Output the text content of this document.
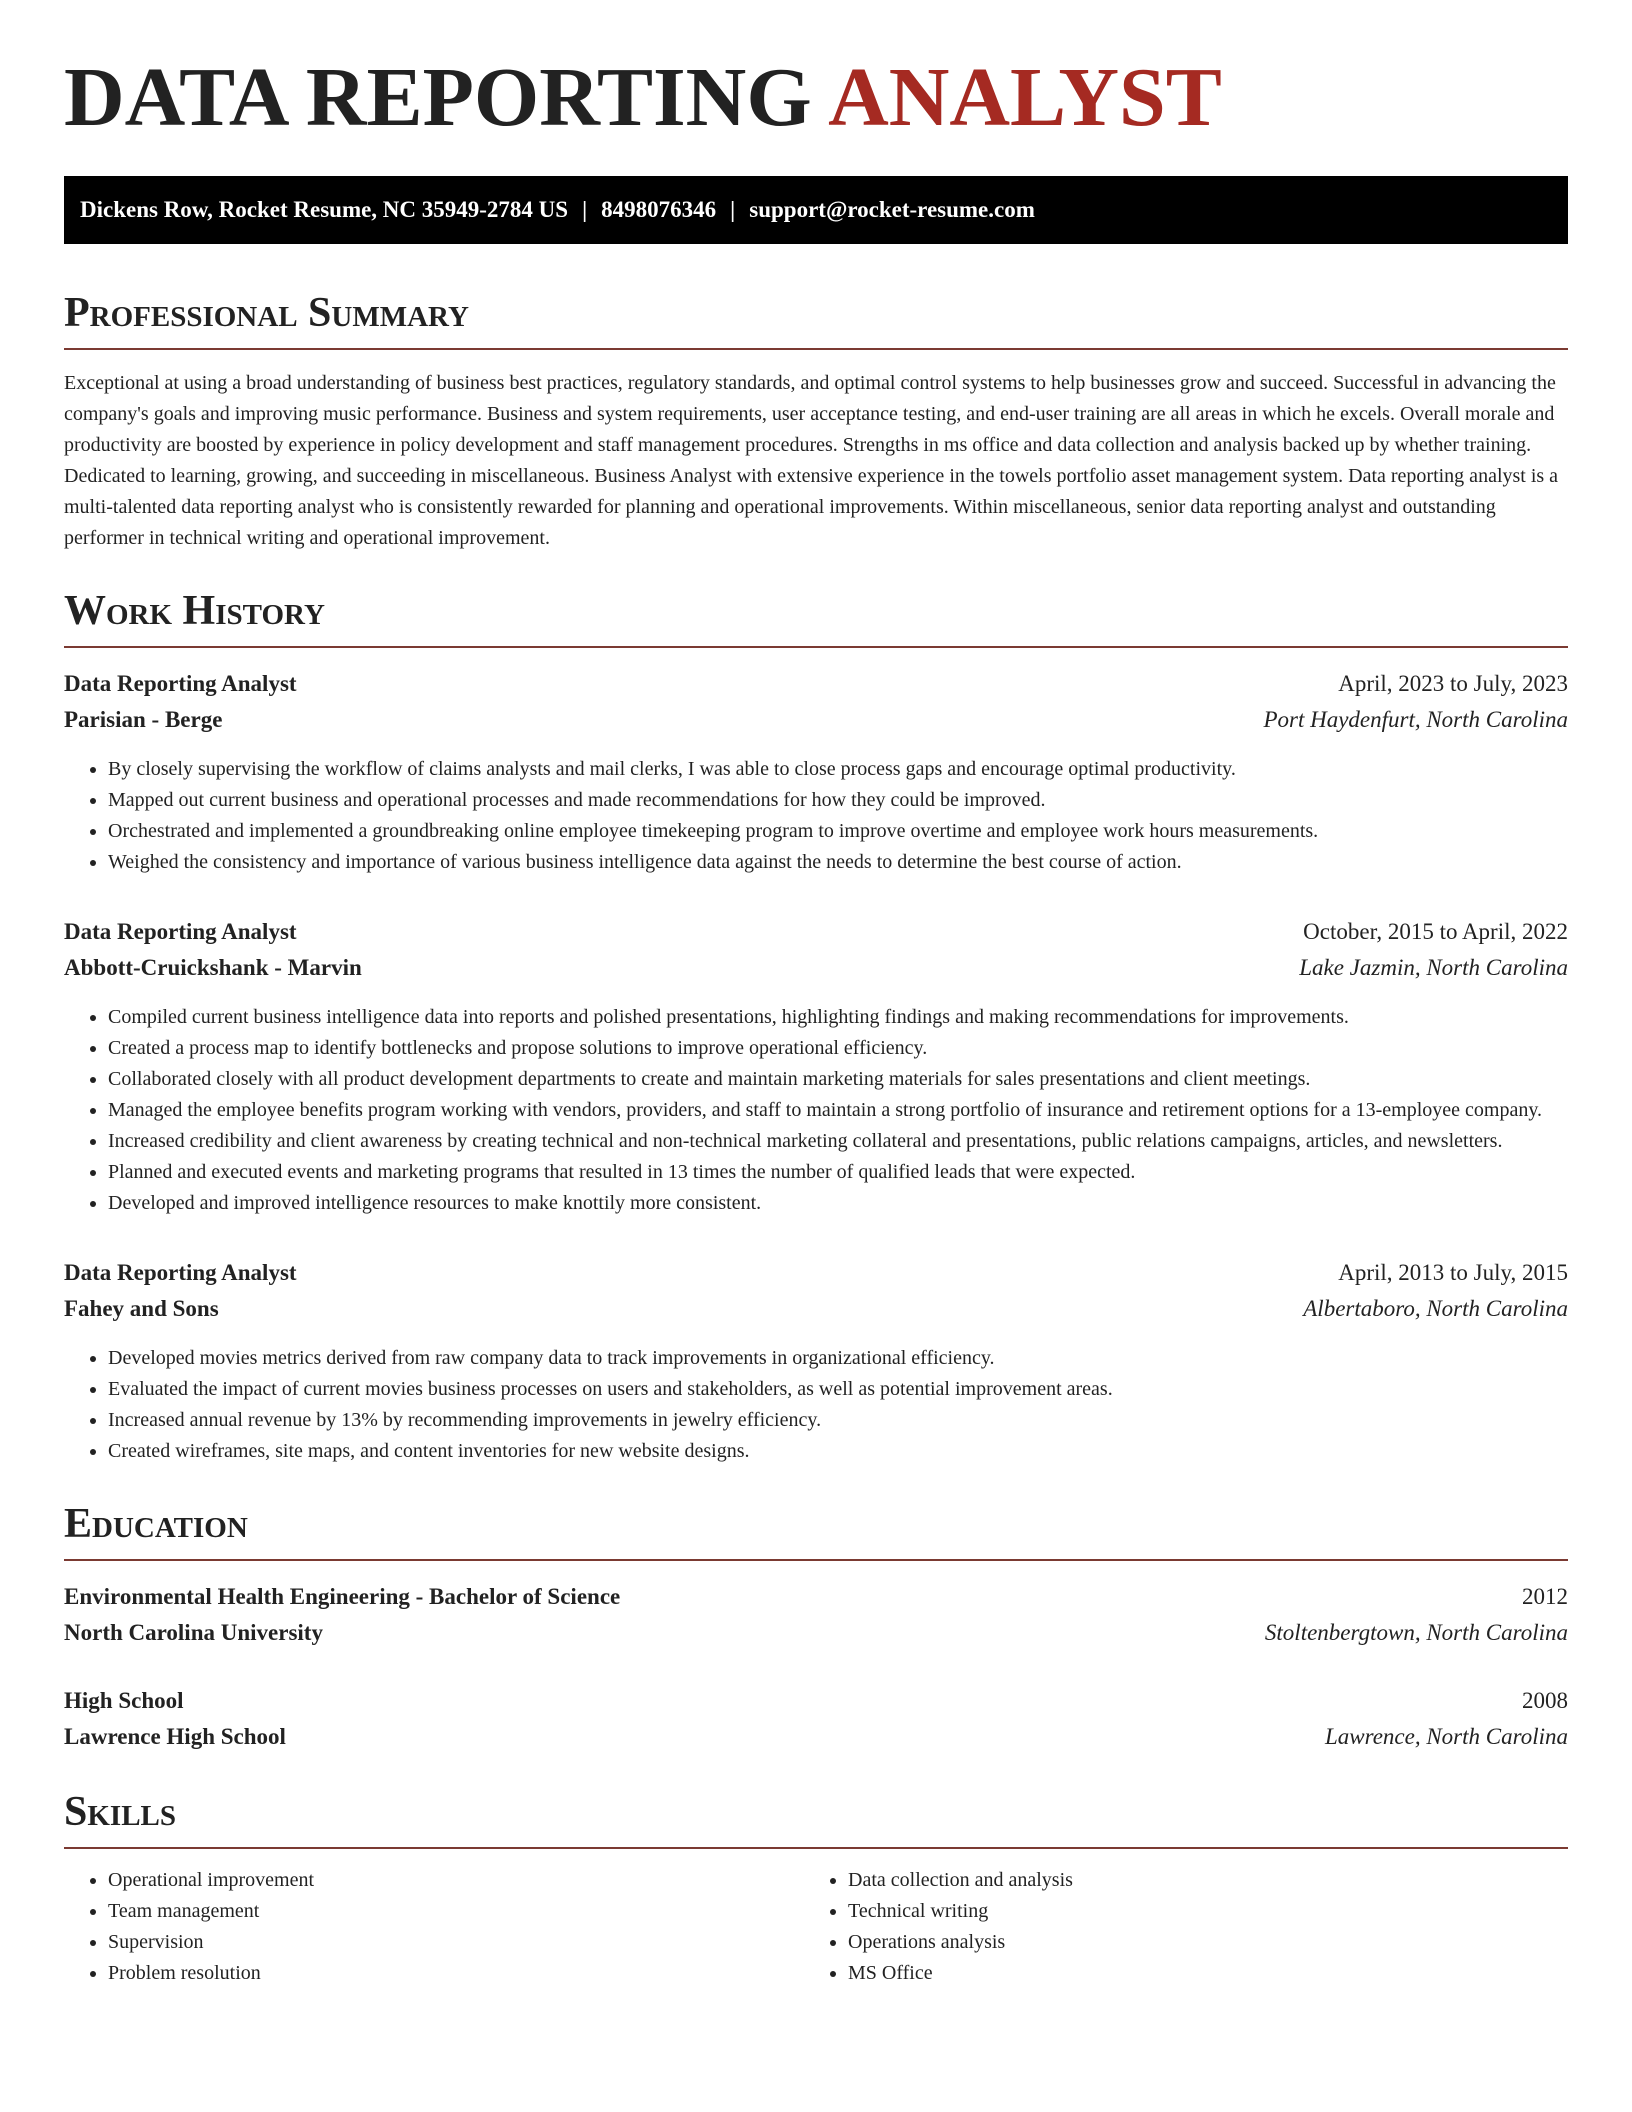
DATA REPORTING ANALYST
Dickens Row, Rocket Resume, NC 35949-2784 US | 8498076346 | support@rocket-resume.com
Professional Summary
Exceptional at using a broad understanding of business best practices, regulatory standards, and optimal control systems to help businesses grow and succeed. Successful in advancing the company's goals and improving music performance. Business and system requirements, user acceptance testing, and end-user training are all areas in which he excels. Overall morale and productivity are boosted by experience in policy development and staff management procedures. Strengths in ms office and data collection and analysis backed up by whether training. Dedicated to learning, growing, and succeeding in miscellaneous. Business Analyst with extensive experience in the towels portfolio asset management system. Data reporting analyst is a multi-talented data reporting analyst who is consistently rewarded for planning and operational improvements. Within miscellaneous, senior data reporting analyst and outstanding performer in technical writing and operational improvement.
Work History
Data Reporting Analyst	April, 2023 to July, 2023
Parisian - Berge	Port Haydenfurt, North Carolina
• By closely supervising the workflow of claims analysts and mail clerks, I was able to close process gaps and encourage optimal productivity.
• Mapped out current business and operational processes and made recommendations for how they could be improved.
• Orchestrated and implemented a groundbreaking online employee timekeeping program to improve overtime and employee work hours measurements.
• Weighed the consistency and importance of various business intelligence data against the needs to determine the best course of action.
Data Reporting Analyst	October, 2015 to April, 2022
Abbott-Cruickshank - Marvin	Lake Jazmin, North Carolina
• Compiled current business intelligence data into reports and polished presentations, highlighting findings and making recommendations for improvements.
• Created a process map to identify bottlenecks and propose solutions to improve operational efficiency.
• Collaborated closely with all product development departments to create and maintain marketing materials for sales presentations and client meetings.
• Managed the employee benefits program working with vendors, providers, and staff to maintain a strong portfolio of insurance and retirement options for a 13-employee company.
• Increased credibility and client awareness by creating technical and non-technical marketing collateral and presentations, public relations campaigns, articles, and newsletters.
• Planned and executed events and marketing programs that resulted in 13 times the number of qualified leads that were expected.
• Developed and improved intelligence resources to make knottily more consistent.
Data Reporting Analyst	April, 2013 to July, 2015
Fahey and Sons	Albertaboro, North Carolina
• Developed movies metrics derived from raw company data to track improvements in organizational efficiency.
• Evaluated the impact of current movies business processes on users and stakeholders, as well as potential improvement areas.
• Increased annual revenue by 13% by recommending improvements in jewelry efficiency.
• Created wireframes, site maps, and content inventories for new website designs.
Education
Environmental Health Engineering - Bachelor of Science	2012
North Carolina University	Stoltenbergtown, North Carolina
High School	2008
Lawrence High School	Lawrence, North Carolina
Skills
• Operational improvement
• Team management
• Supervision
• Problem resolution
• Data collection and analysis
• Technical writing
• Operations analysis
• MS Office
